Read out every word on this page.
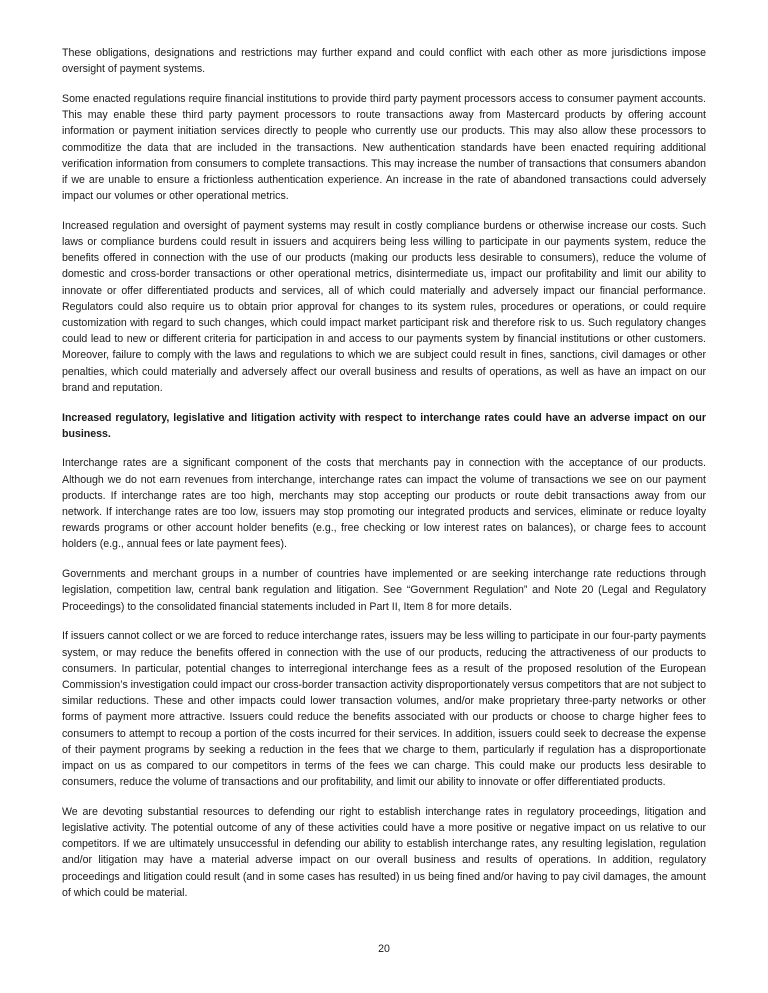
These obligations, designations and restrictions may further expand and could conflict with each other as more jurisdictions impose oversight of payment systems.

Some enacted regulations require financial institutions to provide third party payment processors access to consumer payment accounts. This may enable these third party payment processors to route transactions away from Mastercard products by offering account information or payment initiation services directly to people who currently use our products. This may also allow these processors to commoditize the data that are included in the transactions. New authentication standards have been enacted requiring additional verification information from consumers to complete transactions. This may increase the number of transactions that consumers abandon if we are unable to ensure a frictionless authentication experience. An increase in the rate of abandoned transactions could adversely impact our volumes or other operational metrics.

Increased regulation and oversight of payment systems may result in costly compliance burdens or otherwise increase our costs. Such laws or compliance burdens could result in issuers and acquirers being less willing to participate in our payments system, reduce the benefits offered in connection with the use of our products (making our products less desirable to consumers), reduce the volume of domestic and cross-border transactions or other operational metrics, disintermediate us, impact our profitability and limit our ability to innovate or offer differentiated products and services, all of which could materially and adversely impact our financial performance. Regulators could also require us to obtain prior approval for changes to its system rules, procedures or operations, or could require customization with regard to such changes, which could impact market participant risk and therefore risk to us. Such regulatory changes could lead to new or different criteria for participation in and access to our payments system by financial institutions or other customers. Moreover, failure to comply with the laws and regulations to which we are subject could result in fines, sanctions, civil damages or other penalties, which could materially and adversely affect our overall business and results of operations, as well as have an impact on our brand and reputation.

Increased regulatory, legislative and litigation activity with respect to interchange rates could have an adverse impact on our business.

Interchange rates are a significant component of the costs that merchants pay in connection with the acceptance of our products. Although we do not earn revenues from interchange, interchange rates can impact the volume of transactions we see on our payment products. If interchange rates are too high, merchants may stop accepting our products or route debit transactions away from our network. If interchange rates are too low, issuers may stop promoting our integrated products and services, eliminate or reduce loyalty rewards programs or other account holder benefits (e.g., free checking or low interest rates on balances), or charge fees to account holders (e.g., annual fees or late payment fees).

Governments and merchant groups in a number of countries have implemented or are seeking interchange rate reductions through legislation, competition law, central bank regulation and litigation. See “Government Regulation” and Note 20 (Legal and Regulatory Proceedings) to the consolidated financial statements included in Part II, Item 8 for more details.

If issuers cannot collect or we are forced to reduce interchange rates, issuers may be less willing to participate in our four-party payments system, or may reduce the benefits offered in connection with the use of our products, reducing the attractiveness of our products to consumers. In particular, potential changes to interregional interchange fees as a result of the proposed resolution of the European Commission’s investigation could impact our cross-border transaction activity disproportionately versus competitors that are not subject to similar reductions. These and other impacts could lower transaction volumes, and/or make proprietary three-party networks or other forms of payment more attractive. Issuers could reduce the benefits associated with our products or choose to charge higher fees to consumers to attempt to recoup a portion of the costs incurred for their services. In addition, issuers could seek to decrease the expense of their payment programs by seeking a reduction in the fees that we charge to them, particularly if regulation has a disproportionate impact on us as compared to our competitors in terms of the fees we can charge. This could make our products less desirable to consumers, reduce the volume of transactions and our profitability, and limit our ability to innovate or offer differentiated products.

We are devoting substantial resources to defending our right to establish interchange rates in regulatory proceedings, litigation and legislative activity. The potential outcome of any of these activities could have a more positive or negative impact on us relative to our competitors. If we are ultimately unsuccessful in defending our ability to establish interchange rates, any resulting legislation, regulation and/or litigation may have a material adverse impact on our overall business and results of operations. In addition, regulatory proceedings and litigation could result (and in some cases has resulted) in us being fined and/or having to pay civil damages, the amount of which could be material.

20
